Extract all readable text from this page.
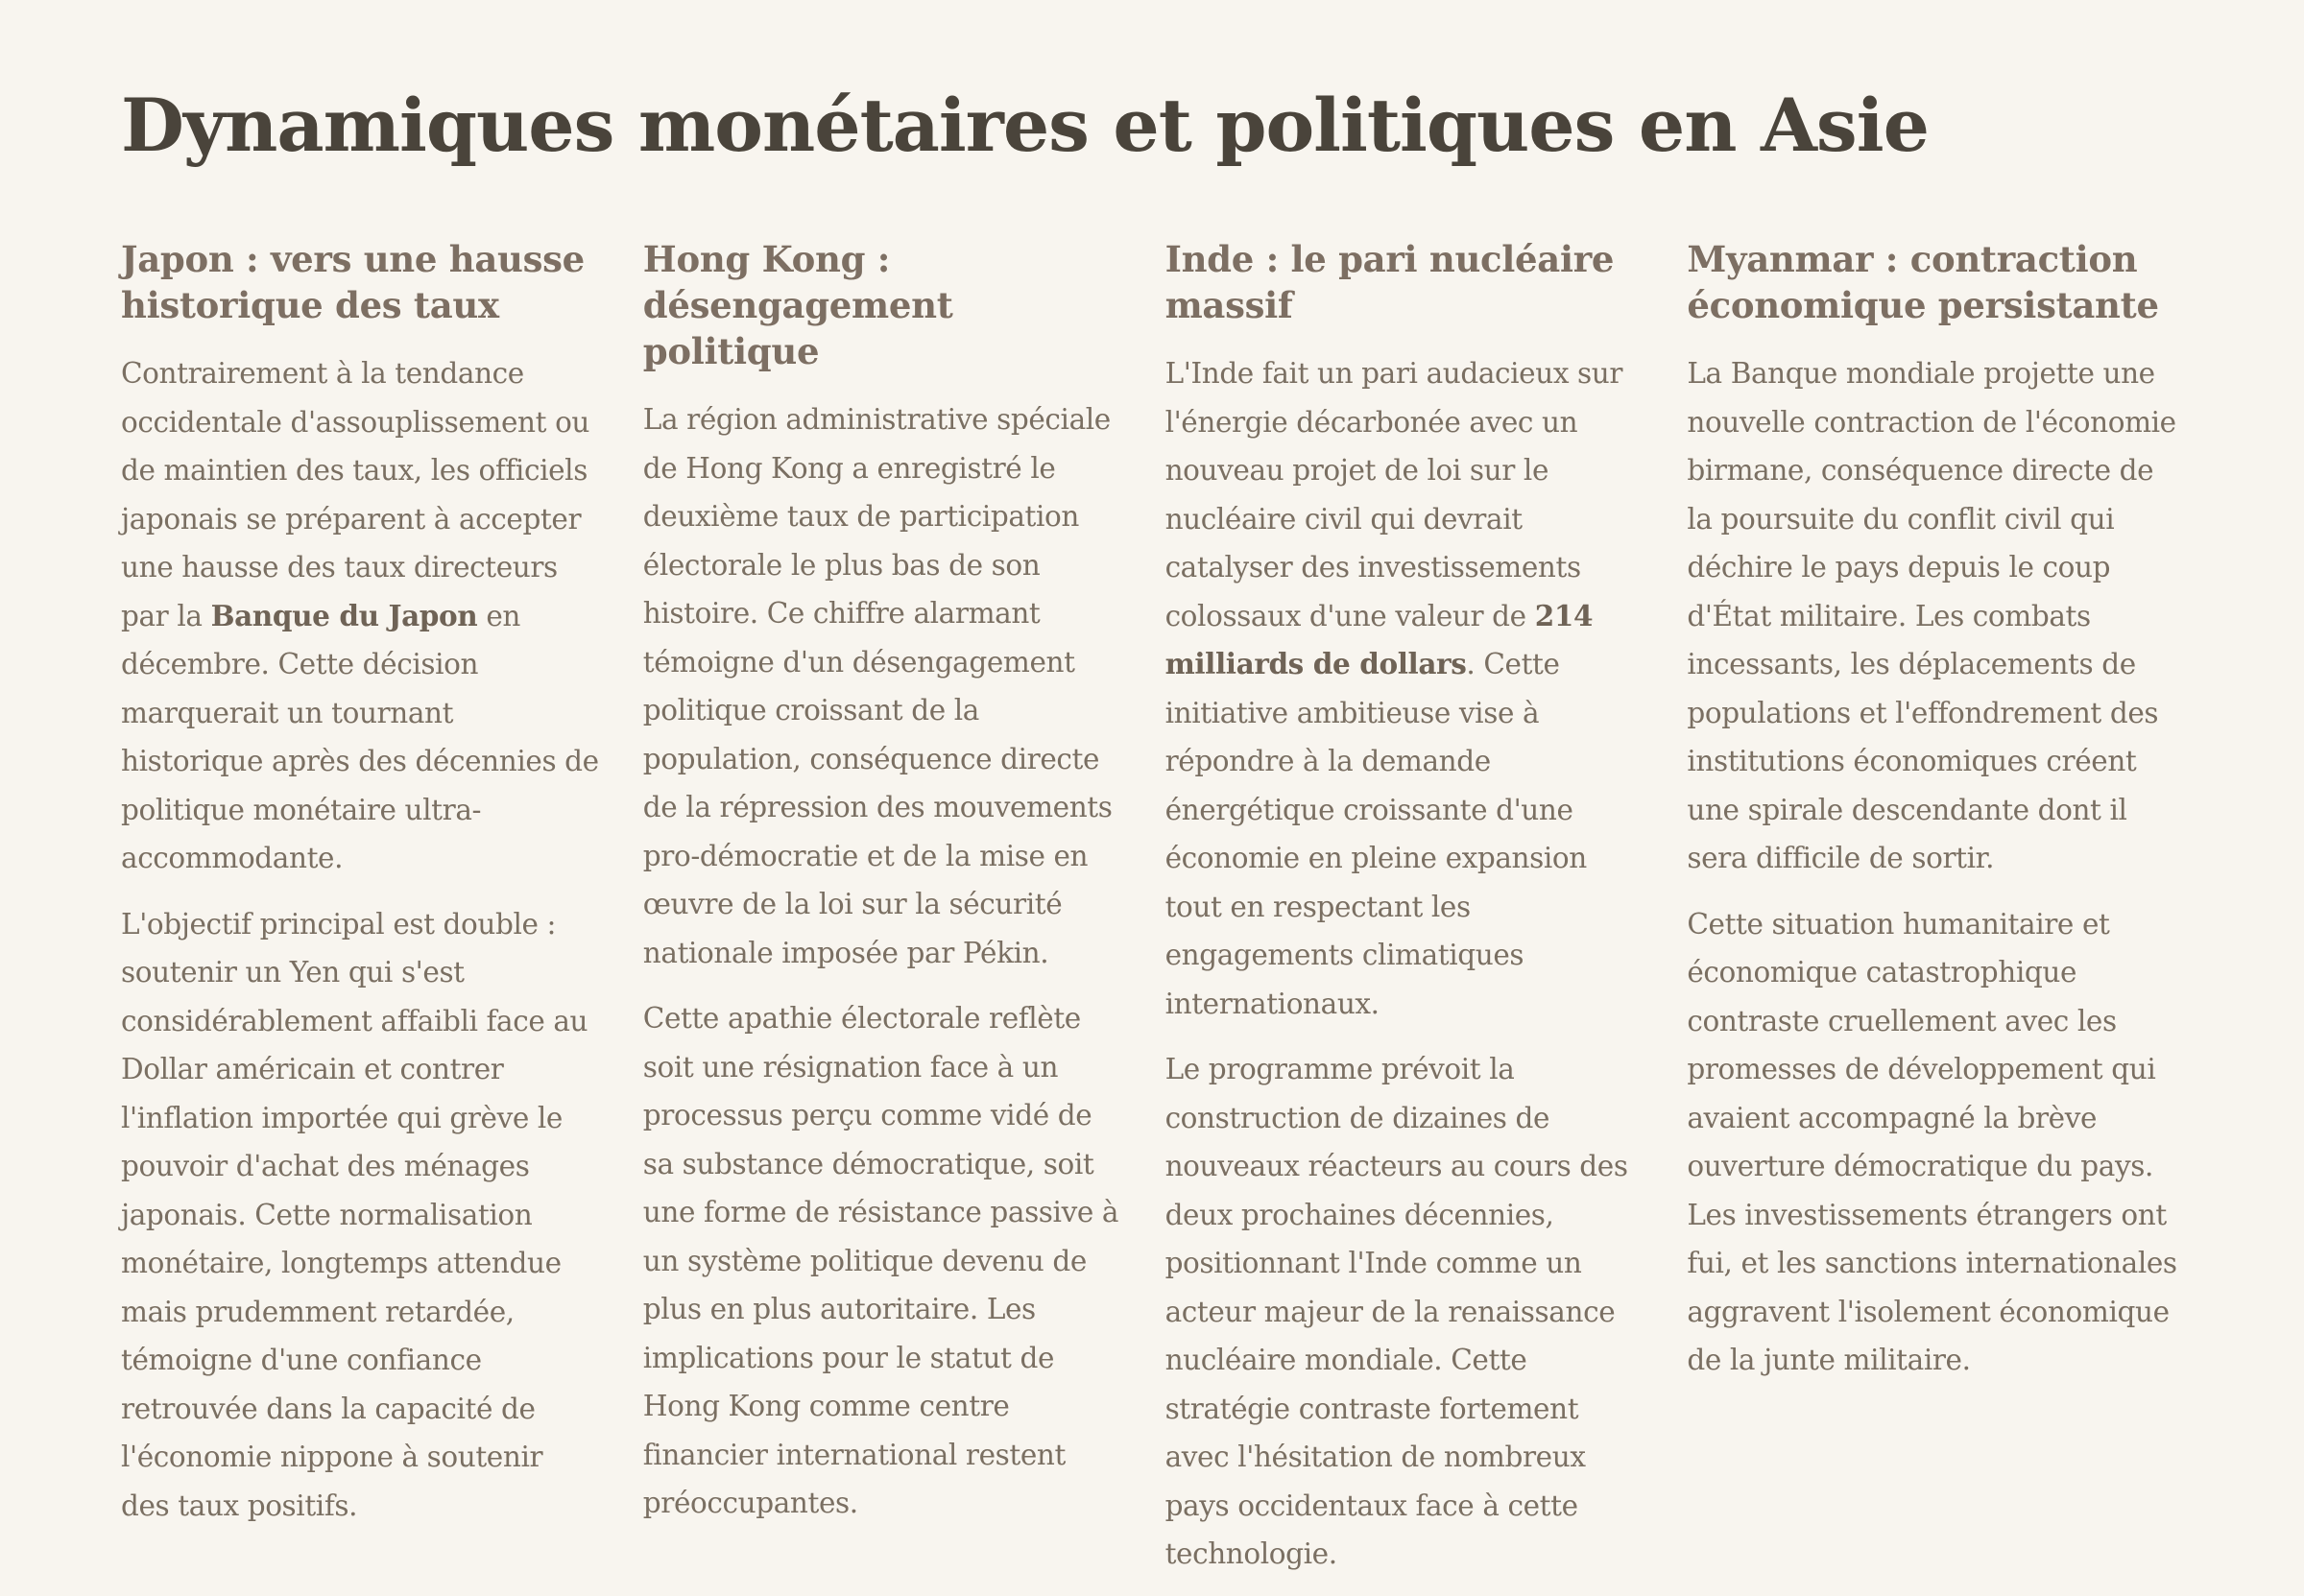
Dynamiques monétaires et politiques en Asie
Japon : vers une hausse historique des taux

Contrairement à la tendance occidentale d'assouplissement ou de maintien des taux, les officiels japonais se préparent à accepter une hausse des taux directeurs par la Banque du Japon en décembre. Cette décision marquerait un tournant historique après des décennies de politique monétaire ultra-accommodante.

L'objectif principal est double : soutenir un Yen qui s'est considérablement affaibli face au Dollar américain et contrer l'inflation importée qui grève le pouvoir d'achat des ménages japonais. Cette normalisation monétaire, longtemps attendue mais prudemment retardée, témoigne d'une confiance retrouvée dans la capacité de l'économie nippone à soutenir des taux positifs.

Hong Kong : désengagement politique

La région administrative spéciale de Hong Kong a enregistré le deuxième taux de participation électorale le plus bas de son histoire. Ce chiffre alarmant témoigne d'un désengagement politique croissant de la population, conséquence directe de la répression des mouvements pro-démocratie et de la mise en œuvre de la loi sur la sécurité nationale imposée par Pékin.

Cette apathie électorale reflète soit une résignation face à un processus perçu comme vidé de sa substance démocratique, soit une forme de résistance passive à un système politique devenu de plus en plus autoritaire. Les implications pour le statut de Hong Kong comme centre financier international restent préoccupantes.

Inde : le pari nucléaire massif

L'Inde fait un pari audacieux sur l'énergie décarbonée avec un nouveau projet de loi sur le nucléaire civil qui devrait catalyser des investissements colossaux d'une valeur de 214 milliards de dollars. Cette initiative ambitieuse vise à répondre à la demande énergétique croissante d'une économie en pleine expansion tout en respectant les engagements climatiques internationaux.

Le programme prévoit la construction de dizaines de nouveaux réacteurs au cours des deux prochaines décennies, positionnant l'Inde comme un acteur majeur de la renaissance nucléaire mondiale. Cette stratégie contraste fortement avec l'hésitation de nombreux pays occidentaux face à cette technologie.

Myanmar : contraction économique persistante

La Banque mondiale projette une nouvelle contraction de l'économie birmane, conséquence directe de la poursuite du conflit civil qui déchire le pays depuis le coup d'État militaire. Les combats incessants, les déplacements de populations et l'effondrement des institutions économiques créent une spirale descendante dont il sera difficile de sortir.

Cette situation humanitaire et économique catastrophique contraste cruellement avec les promesses de développement qui avaient accompagné la brève ouverture démocratique du pays. Les investissements étrangers ont fui, et les sanctions internationales aggravent l'isolement économique de la junte militaire.
